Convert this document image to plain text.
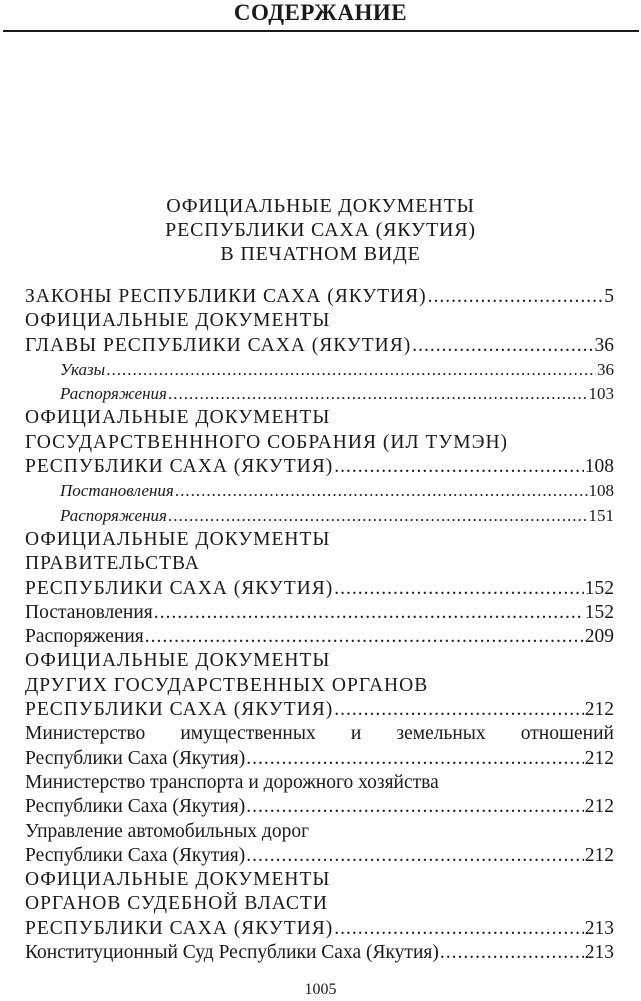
СОДЕРЖАНИЕ
ОФИЦИАЛЬНЫЕ ДОКУМЕНТЫ
РЕСПУБЛИКИ САХА (ЯКУТИЯ)
В ПЕЧАТНОМ ВИДЕ
ЗАКОНЫ РЕСПУБЛИКИ САХА (ЯКУТИЯ) .....	5
ОФИЦИАЛЬНЫЕ ДОКУМЕНТЫ
ГЛАВЫ РЕСПУБЛИКИ САХА (ЯКУТИЯ) .....	36
Указы .....	36
Распоряжения .....	103
ОФИЦИАЛЬНЫЕ ДОКУМЕНТЫ
ГОСУДАРСТВЕНННОГО СОБРАНИЯ (ИЛ ТУМЭН)
РЕСПУБЛИКИ САХА (ЯКУТИЯ) .....	108
Постановления .....	108
Распоряжения .....	151
ОФИЦИАЛЬНЫЕ ДОКУМЕНТЫ
ПРАВИТЕЛЬСТВА
РЕСПУБЛИКИ САХА (ЯКУТИЯ) .....	152
Постановления .....	152
Распоряжения .....	209
ОФИЦИАЛЬНЫЕ ДОКУМЕНТЫ
ДРУГИХ ГОСУДАРСТВЕННЫХ ОРГАНОВ
РЕСПУБЛИКИ САХА (ЯКУТИЯ) .....	212
Министерство имущественных и земельных отношений
Республики Саха (Якутия) .....	212
Министерство транспорта и дорожного хозяйства
Республики Саха (Якутия) .....	212
Управление автомобильных дорог
Республики Саха (Якутия) .....	212
ОФИЦИАЛЬНЫЕ ДОКУМЕНТЫ
ОРГАНОВ СУДЕБНОЙ ВЛАСТИ
РЕСПУБЛИКИ САХА (ЯКУТИЯ) .....	213
Конституционный Суд Республики Саха (Якутия) .....	213
1005
